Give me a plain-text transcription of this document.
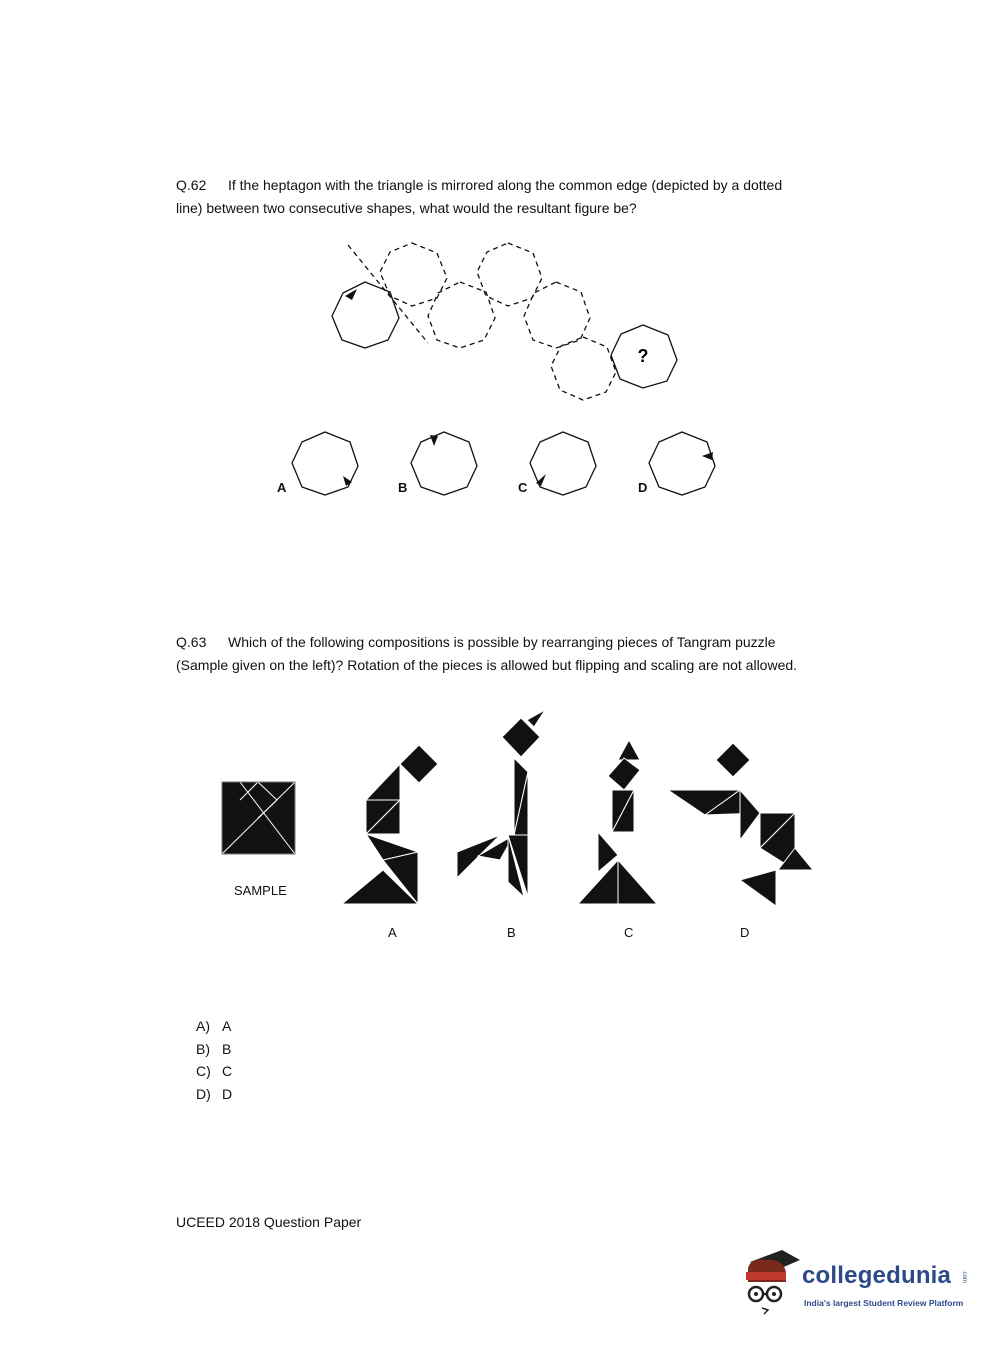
Q.62 If the heptagon with the triangle is mirrored along the common edge (depicted by a dotted
line) between two consecutive shapes, what would the resultant figure be?
?
A	B	C	D
Q.63 Which of the following compositions is possible by rearranging pieces of Tangram puzzle
(Sample given on the left)? Rotation of the pieces is allowed but flipping and scaling are not allowed.
SAMPLE
A	B	C	D
A) A
B) B
C) C
D) D
UCEED 2018 Question Paper
collegedunia .com
India's largest Student Review Platform
